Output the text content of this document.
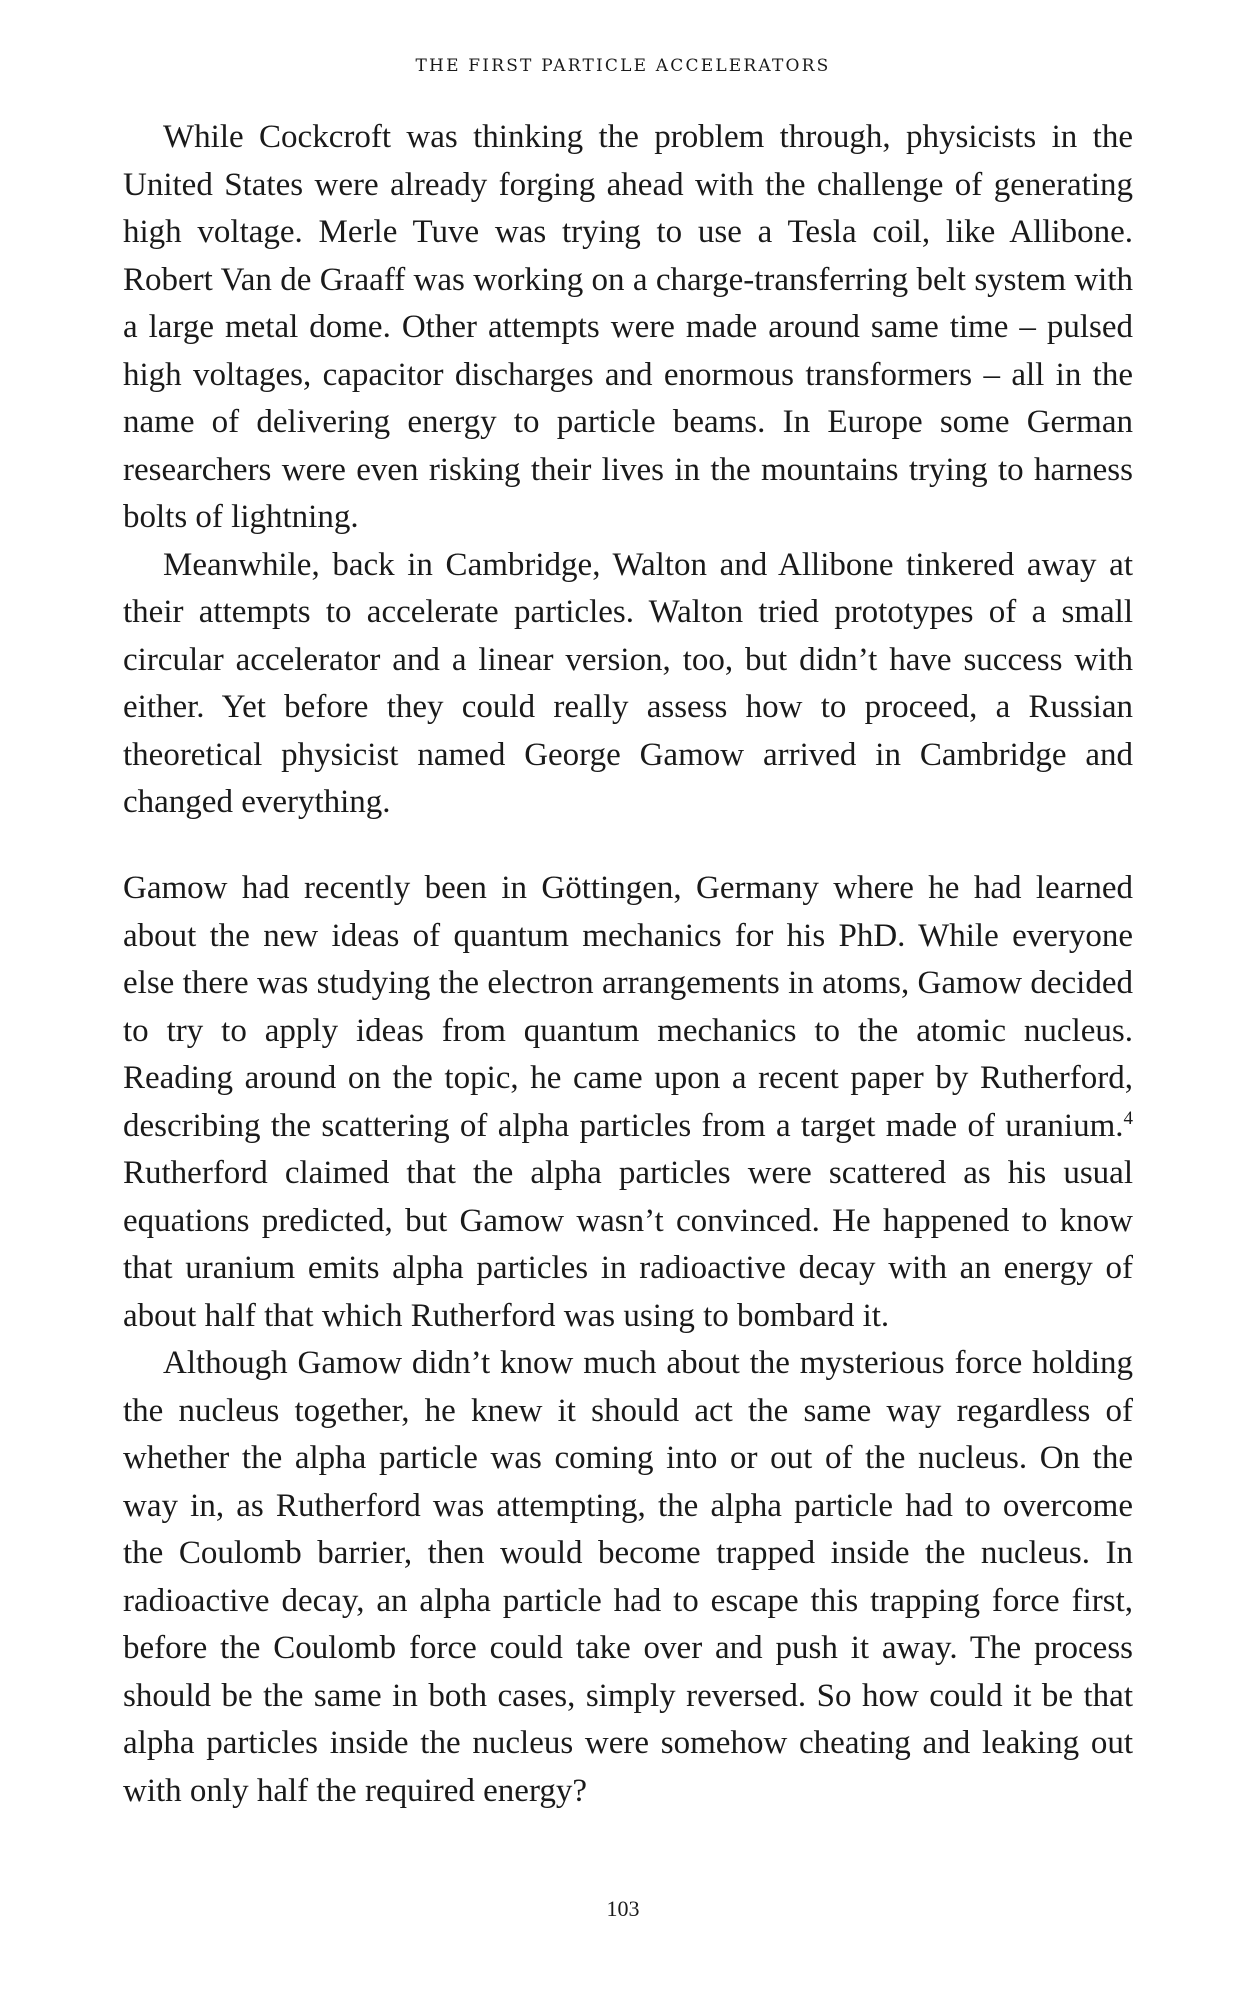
THE FIRST PARTICLE ACCELERATORS

While Cockcroft was thinking the problem through, physicists in the United States were already forging ahead with the challenge of generating high voltage. Merle Tuve was trying to use a Tesla coil, like Allibone. Robert Van de Graaff was working on a charge-transferring belt system with a large metal dome. Other attempts were made around same time – pulsed high voltages, capacitor discharges and enormous transformers – all in the name of delivering energy to particle beams. In Europe some German researchers were even risking their lives in the mountains trying to harness bolts of lightning.

Meanwhile, back in Cambridge, Walton and Allibone tinkered away at their attempts to accelerate particles. Walton tried prototypes of a small circular accelerator and a linear version, too, but didn’t have success with either. Yet before they could really assess how to proceed, a Russian theoretical physicist named George Gamow arrived in Cambridge and changed everything.

Gamow had recently been in Göttingen, Germany where he had learned about the new ideas of quantum mechanics for his PhD. While everyone else there was studying the electron arrangements in atoms, Gamow decided to try to apply ideas from quantum mechanics to the atomic nucleus. Reading around on the topic, he came upon a recent paper by Rutherford, describing the scattering of alpha particles from a target made of uranium.$^4$ Rutherford claimed that the alpha particles were scattered as his usual equations predicted, but Gamow wasn’t convinced. He happened to know that uranium emits alpha particles in radioactive decay with an energy of about half that which Rutherford was using to bombard it.

Although Gamow didn’t know much about the mysterious force holding the nucleus together, he knew it should act the same way regardless of whether the alpha particle was coming into or out of the nucleus. On the way in, as Rutherford was attempting, the alpha particle had to overcome the Coulomb barrier, then would become trapped inside the nucleus. In radioactive decay, an alpha particle had to escape this trapping force first, before the Coulomb force could take over and push it away. The process should be the same in both cases, simply reversed. So how could it be that alpha particles inside the nucleus were somehow cheating and leaking out with only half the required energy?

103
